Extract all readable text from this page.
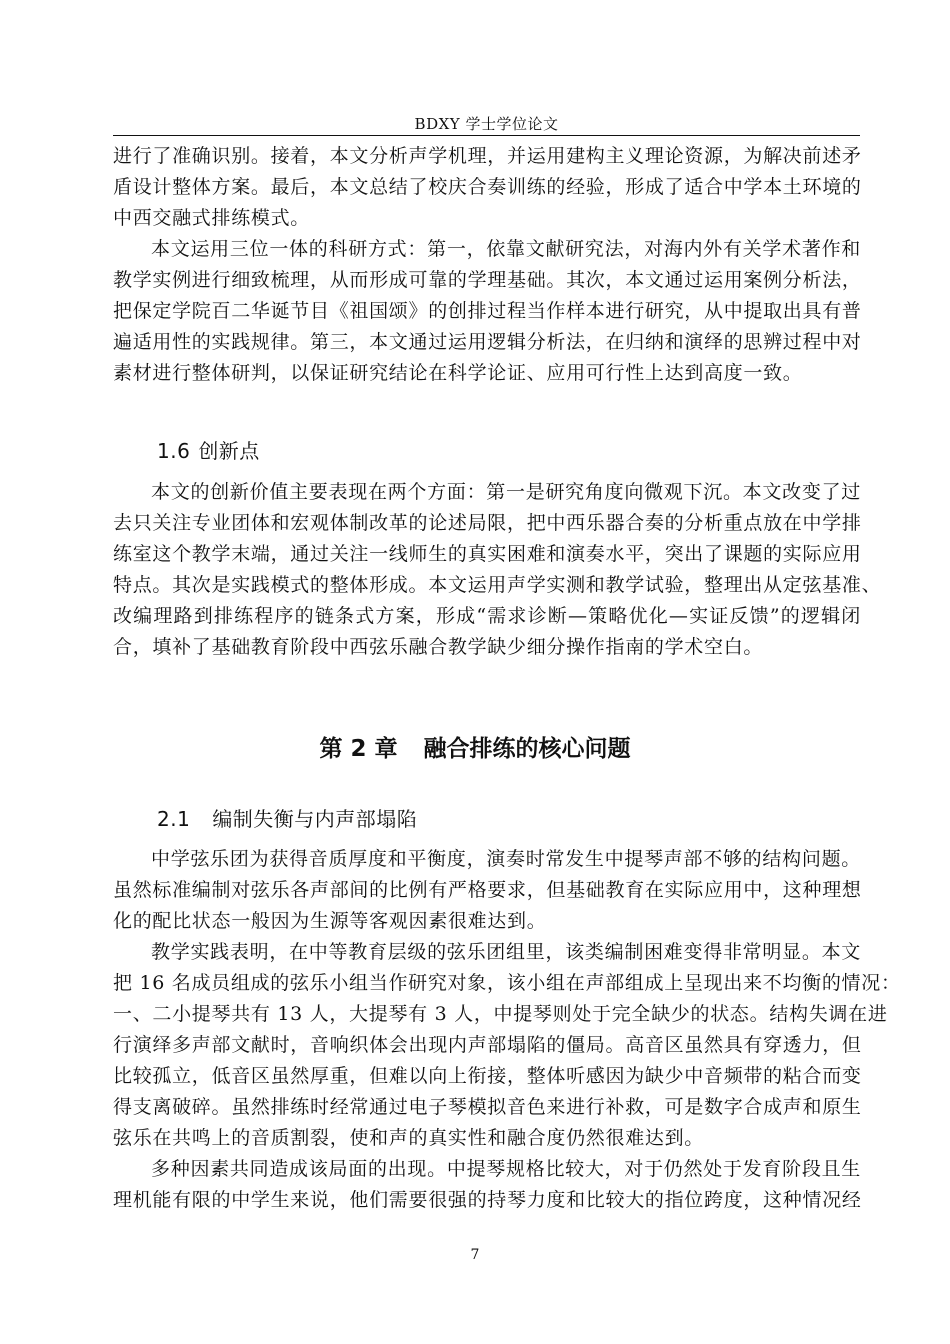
BDXY 学士学位论文
进行了准确识别。接着，本文分析声学机理，并运用建构主义理论资源，为解决前述矛
盾设计整体方案。最后，本文总结了校庆合奏训练的经验，形成了适合中学本土环境的
中西交融式排练模式。
本文运用三位一体的科研方式：第一，依靠文献研究法，对海内外有关学术著作和
教学实例进行细致梳理，从而形成可靠的学理基础。其次，本文通过运用案例分析法，
把保定学院百二华诞节目《祖国颂》的创排过程当作样本进行研究，从中提取出具有普
遍适用性的实践规律。第三，本文通过运用逻辑分析法，在归纳和演绎的思辨过程中对
素材进行整体研判，以保证研究结论在科学论证、应用可行性上达到高度一致。
1.6 创新点
本文的创新价值主要表现在两个方面：第一是研究角度向微观下沉。本文改变了过
去只关注专业团体和宏观体制改革的论述局限，把中西乐器合奏的分析重点放在中学排
练室这个教学末端，通过关注一线师生的真实困难和演奏水平，突出了课题的实际应用
特点。其次是实践模式的整体形成。本文运用声学实测和教学试验，整理出从定弦基准、
改编理路到排练程序的链条式方案，形成“需求诊断—策略优化—实证反馈”的逻辑闭
合，填补了基础教育阶段中西弦乐融合教学缺少细分操作指南的学术空白。
第 2 章 融合排练的核心问题
2.1 编制失衡与内声部塌陷
中学弦乐团为获得音质厚度和平衡度，演奏时常发生中提琴声部不够的结构问题。
虽然标准编制对弦乐各声部间的比例有严格要求，但基础教育在实际应用中，这种理想
化的配比状态一般因为生源等客观因素很难达到。
教学实践表明，在中等教育层级的弦乐团组里，该类编制困难变得非常明显。本文
把 16 名成员组成的弦乐小组当作研究对象，该小组在声部组成上呈现出来不均衡的情况：
一、二小提琴共有 13 人，大提琴有 3 人，中提琴则处于完全缺少的状态。结构失调在进
行演绎多声部文献时，音响织体会出现内声部塌陷的僵局。高音区虽然具有穿透力，但
比较孤立，低音区虽然厚重，但难以向上衔接，整体听感因为缺少中音频带的粘合而变
得支离破碎。虽然排练时经常通过电子琴模拟音色来进行补救，可是数字合成声和原生
弦乐在共鸣上的音质割裂，使和声的真实性和融合度仍然很难达到。
多种因素共同造成该局面的出现。中提琴规格比较大，对于仍然处于发育阶段且生
理机能有限的中学生来说，他们需要很强的持琴力度和比较大的指位跨度，这种情况经
7
